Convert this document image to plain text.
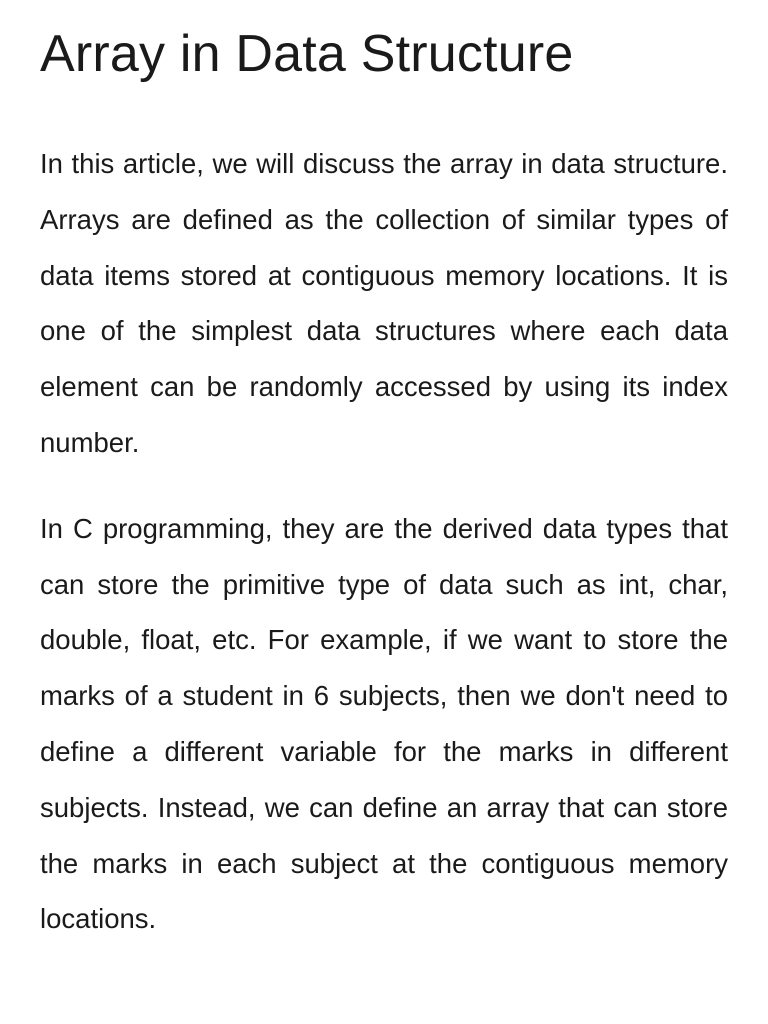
Array in Data Structure

In this article, we will discuss the array in data structure. Arrays are defined as the collection of similar types of data items stored at contiguous memory locations. It is one of the simplest data structures where each data element can be randomly accessed by using its index number.

In C programming, they are the derived data types that can store the primitive type of data such as int, char, double, float, etc. For example, if we want to store the marks of a student in 6 subjects, then we don't need to define a different variable for the marks in different subjects. Instead, we can define an array that can store the marks in each subject at the contiguous memory locations.
